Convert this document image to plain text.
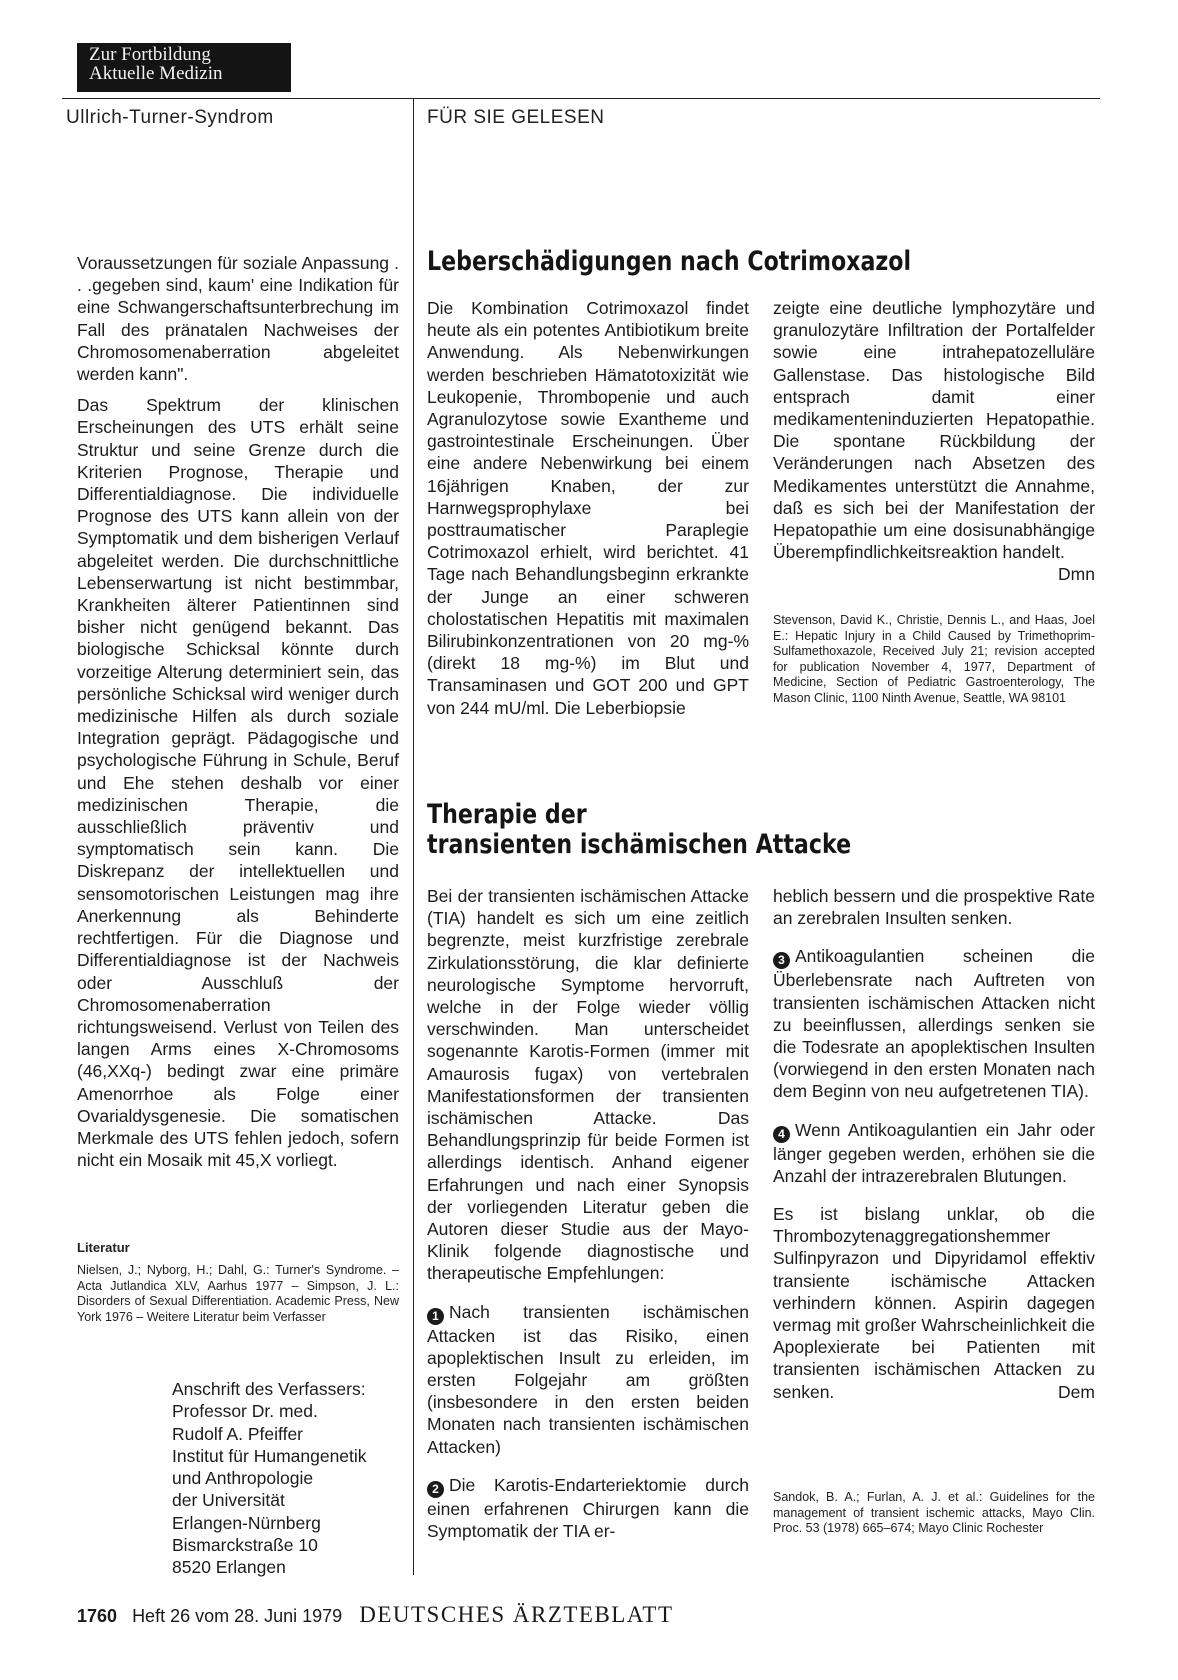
Zur Fortbildung
Aktuelle Medizin
Ullrich-Turner-Syndrom	FÜR SIE GELESEN

Voraussetzungen für soziale Anpassung . . .gegeben sind, kaum' eine Indikation für eine Schwangerschaftsunterbrechung im Fall des pränatalen Nachweises der Chromosomenaberration abgeleitet werden kann".

Das Spektrum der klinischen Erscheinungen des UTS erhält seine Struktur und seine Grenze durch die Kriterien Prognose, Therapie und Differentialdiagnose. Die individuelle Prognose des UTS kann allein von der Symptomatik und dem bisherigen Verlauf abgeleitet werden. Die durchschnittliche Lebenserwartung ist nicht bestimmbar, Krankheiten älterer Patientinnen sind bisher nicht genügend bekannt. Das biologische Schicksal könnte durch vorzeitige Alterung determiniert sein, das persönliche Schicksal wird weniger durch medizinische Hilfen als durch soziale Integration geprägt. Pädagogische und psychologische Führung in Schule, Beruf und Ehe stehen deshalb vor einer medizinischen Therapie, die ausschließlich präventiv und symptomatisch sein kann. Die Diskrepanz der intellektuellen und sensomotorischen Leistungen mag ihre Anerkennung als Behinderte rechtfertigen. Für die Diagnose und Differentialdiagnose ist der Nachweis oder Ausschluß der Chromosomenaberration richtungsweisend. Verlust von Teilen des langen Arms eines X-Chromosoms (46,XXq-) bedingt zwar eine primäre Amenorrhoe als Folge einer Ovarialdysgenesie. Die somatischen Merkmale des UTS fehlen jedoch, sofern nicht ein Mosaik mit 45,X vorliegt.

Literatur
Nielsen, J.; Nyborg, H.; Dahl, G.: Turner's Syndrome. – Acta Jutlandica XLV, Aarhus 1977 – Simpson, J. L.: Disorders of Sexual Differentiation. Academic Press, New York 1976 – Weitere Literatur beim Verfasser
Anschrift des Verfassers:
Professor Dr. med.
Rudolf A. Pfeiffer
Institut für Humangenetik
und Anthropologie
der Universität
Erlangen-Nürnberg
Bismarckstraße 10
8520 Erlangen
Leberschädigungen nach Cotrimoxazol
Die Kombination Cotrimoxazol findet heute als ein potentes Antibiotikum breite Anwendung. Als Nebenwirkungen werden beschrieben Hämatotoxizität wie Leukopenie, Thrombopenie und auch Agranulozytose sowie Exantheme und gastrointestinale Erscheinungen. Über eine andere Nebenwirkung bei einem 16jährigen Knaben, der zur Harnwegsprophylaxe bei posttraumatischer Paraplegie Cotrimoxazol erhielt, wird berichtet. 41 Tage nach Behandlungsbeginn erkrankte der Junge an einer schweren cholostatischen Hepatitis mit maximalen Bilirubinkonzentrationen von 20 mg-% (direkt 18 mg-%) im Blut und Transaminasen und GOT 200 und GPT von 244 mU/ml. Die Leberbiopsie
zeigte eine deutliche lymphozytäre und granulozytäre Infiltration der Portalfelder sowie eine intrahepatozelluläre Gallenstase. Das histologische Bild entsprach damit einer medikamenteninduzierten Hepatopathie. Die spontane Rückbildung der Veränderungen nach Absetzen des Medikamentes unterstützt die Annahme, daß es sich bei der Manifestation der Hepatopathie um eine dosisunabhängige Überempfindlichkeitsreaktion handelt.
Dmn
Stevenson, David K., Christie, Dennis L., and Haas, Joel E.: Hepatic Injury in a Child Caused by Trimethoprim-Sulfamethoxazole, Received July 21; revision accepted for publication November 4, 1977, Department of Medicine, Section of Pediatric Gastroenterology, The Mason Clinic, 1100 Ninth Avenue, Seattle, WA 98101
Therapie der
transienten ischämischen Attacke

Bei der transienten ischämischen Attacke (TIA) handelt es sich um eine zeitlich begrenzte, meist kurzfristige zerebrale Zirkulationsstörung, die klar definierte neurologische Symptome hervorruft, welche in der Folge wieder völlig verschwinden. Man unterscheidet sogenannte Karotis-Formen (immer mit Amaurosis fugax) von vertebralen Manifestationsformen der transienten ischämischen Attacke. Das Behandlungsprinzip für beide Formen ist allerdings identisch. Anhand eigener Erfahrungen und nach einer Synopsis der vorliegenden Literatur geben die Autoren dieser Studie aus der Mayo-Klinik folgende diagnostische und therapeutische Empfehlungen:

1 Nach transienten ischämischen Attacken ist das Risiko, einen apoplektischen Insult zu erleiden, im ersten Folgejahr am größten (insbesondere in den ersten beiden Monaten nach transienten ischämischen Attacken)

2 Die Karotis-Endarteriektomie durch einen erfahrenen Chirurgen kann die Symptomatik der TIA er-

heblich bessern und die prospektive Rate an zerebralen Insulten senken.

3 Antikoagulantien scheinen die Überlebensrate nach Auftreten von transienten ischämischen Attacken nicht zu beeinflussen, allerdings senken sie die Todesrate an apoplektischen Insulten (vorwiegend in den ersten Monaten nach dem Beginn von neu aufgetretenen TIA).

4 Wenn Antikoagulantien ein Jahr oder länger gegeben werden, erhöhen sie die Anzahl der intrazerebralen Blutungen.

Es ist bislang unklar, ob die Thrombozytenaggregationshemmer Sulfinpyrazon und Dipyridamol effektiv transiente ischämische Attacken verhindern können. Aspirin dagegen vermag mit großer Wahrscheinlichkeit die Apoplexierate bei Patienten mit transienten ischämischen Attacken zu senken.	Dem

Sandok, B. A.; Furlan, A. J. et al.: Guidelines for the management of transient ischemic attacks, Mayo Clin. Proc. 53 (1978) 665–674; Mayo Clinic Rochester
1760 Heft 26 vom 28. Juni 1979 DEUTSCHES ÄRZTEBLATT
